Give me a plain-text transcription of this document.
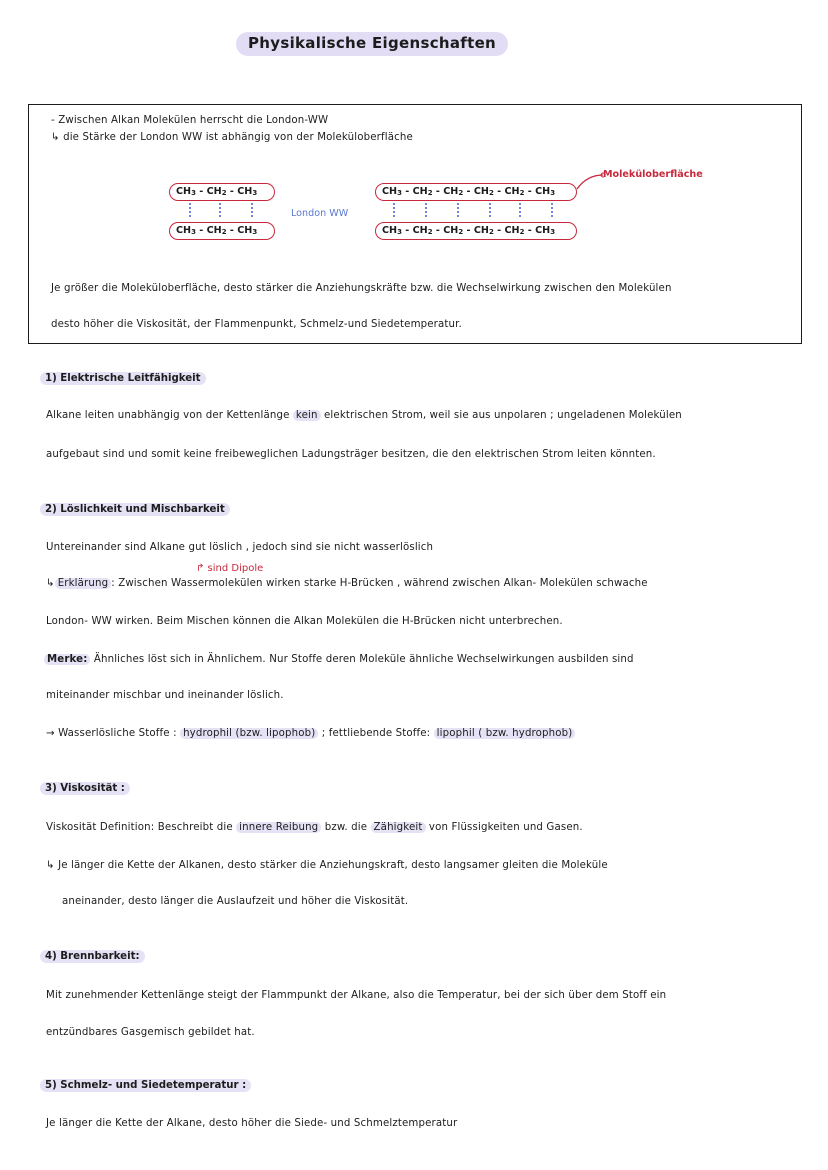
Physikalische Eigenschaften
- Zwischen Alkan Molekülen herrscht die London-WW
↳ die Stärke der London WW ist abhängig von der Moleküloberfläche
CH3 - CH2 - CH3
CH3 - CH2 - CH3
London WW
CH3 - CH2 - CH2 - CH2 - CH2 - CH3
CH3 - CH2 - CH2 - CH2 - CH2 - CH3
Moleküloberfläche
Je größer die Moleküloberfläche, desto stärker die Anziehungskräfte bzw. die Wechselwirkung zwischen den Molekülen
desto höher die Viskosität, der Flammenpunkt, Schmelz-und Siedetemperatur.
1) Elektrische Leitfähigkeit
Alkane leiten unabhängig von der Kettenlänge kein elektrischen Strom, weil sie aus unpolaren ; ungeladenen Molekülen
aufgebaut sind und somit keine freibeweglichen Ladungsträger besitzen, die den elektrischen Strom leiten könnten.
2) Löslichkeit und Mischbarkeit
Untereinander sind Alkane gut löslich , jedoch sind sie nicht wasserlöslich
↱ sind Dipole
↳ Erklärung : Zwischen Wassermolekülen wirken starke H-Brücken , während zwischen Alkan- Molekülen schwache
London- WW wirken. Beim Mischen können die Alkan Molekülen die H-Brücken nicht unterbrechen.
Merke: Ähnliches löst sich in Ähnlichem. Nur Stoffe deren Moleküle ähnliche Wechselwirkungen ausbilden sind
miteinander mischbar und ineinander löslich.
→ Wasserlösliche Stoffe : hydrophil (bzw. lipophob) ; fettliebende Stoffe: lipophil ( bzw. hydrophob)
3) Viskosität :
Viskosität Definition: Beschreibt die innere Reibung bzw. die Zähigkeit von Flüssigkeiten und Gasen.
↳ Je länger die Kette der Alkanen, desto stärker die Anziehungskraft, desto langsamer gleiten die Moleküle
aneinander, desto länger die Auslaufzeit und höher die Viskosität.
4) Brennbarkeit:
Mit zunehmender Kettenlänge steigt der Flammpunkt der Alkane, also die Temperatur, bei der sich über dem Stoff ein
entzündbares Gasgemisch gebildet hat.
5) Schmelz- und Siedetemperatur :
Je länger die Kette der Alkane, desto höher die Siede- und Schmelztemperatur
